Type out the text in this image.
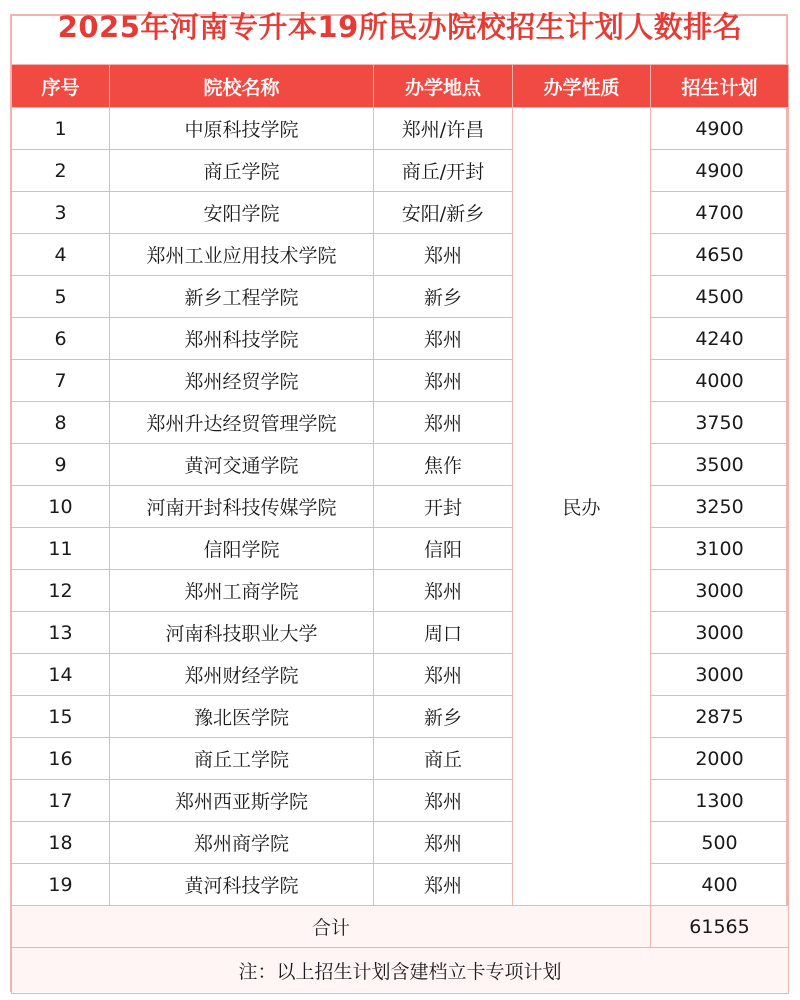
2025年河南专升本19所民办院校招生计划人数排名
序号	院校名称	办学地点	办学性质	招生计划
1	中原科技学院	郑州/许昌	民办	4900
2	商丘学院	商丘/开封		4900
3	安阳学院	安阳/新乡		4700
4	郑州工业应用技术学院	郑州		4650
5	新乡工程学院	新乡		4500
6	郑州科技学院	郑州		4240
7	郑州经贸学院	郑州		4000
8	郑州升达经贸管理学院	郑州		3750
9	黄河交通学院	焦作		3500
10	河南开封科技传媒学院	开封		3250
11	信阳学院	信阳		3100
12	郑州工商学院	郑州		3000
13	河南科技职业大学	周口		3000
14	郑州财经学院	郑州		3000
15	豫北医学院	新乡		2875
16	商丘工学院	商丘		2000
17	郑州西亚斯学院	郑州		1300
18	郑州商学院	郑州		500
19	黄河科技学院	郑州		400
合计				61565
注：以上招生计划含建档立卡专项计划				
